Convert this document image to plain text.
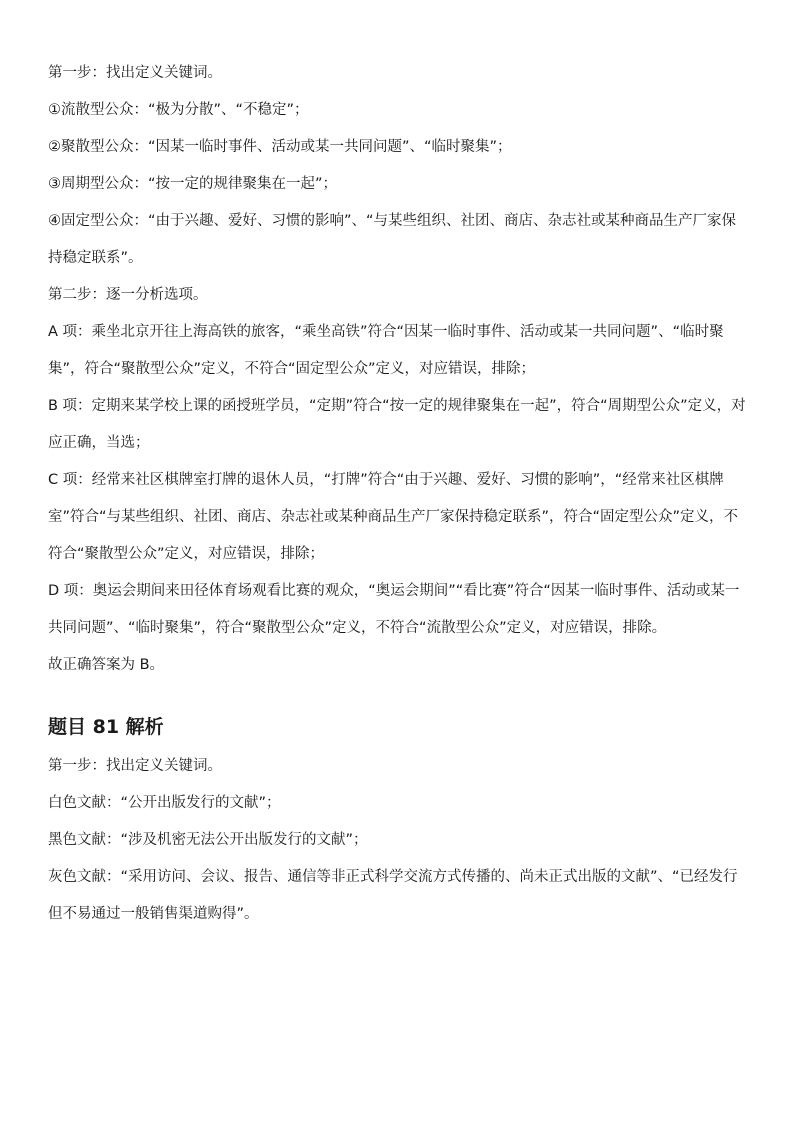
第一步：找出定义关键词。

①流散型公众：“极为分散”、“不稳定”；

②聚散型公众：“因某一临时事件、活动或某一共同问题”、“临时聚集”；

③周期型公众：“按一定的规律聚集在一起”；

④固定型公众：“由于兴趣、爱好、习惯的影响”、“与某些组织、社团、商店、杂志社或某种商品生产厂家保持稳定联系”。

第二步：逐一分析选项。

A 项：乘坐北京开往上海高铁的旅客，“乘坐高铁”符合“因某一临时事件、活动或某一共同问题”、“临时聚集”，符合“聚散型公众”定义，不符合“固定型公众”定义，对应错误，排除；

B 项：定期来某学校上课的函授班学员，“定期”符合“按一定的规律聚集在一起”，符合“周期型公众”定义，对应正确，当选；

C 项：经常来社区棋牌室打牌的退休人员，“打牌”符合“由于兴趣、爱好、习惯的影响”，“经常来社区棋牌室”符合“与某些组织、社团、商店、杂志社或某种商品生产厂家保持稳定联系”，符合“固定型公众”定义，不符合“聚散型公众”定义，对应错误，排除；

D 项：奥运会期间来田径体育场观看比赛的观众，“奥运会期间”“看比赛”符合“因某一临时事件、活动或某一共同问题”、“临时聚集”，符合“聚散型公众”定义，不符合“流散型公众”定义，对应错误，排除。

故正确答案为 B。

题目 81 解析

第一步：找出定义关键词。

白色文献：“公开出版发行的文献”；

黑色文献：“涉及机密无法公开出版发行的文献”；

灰色文献：“采用访问、会议、报告、通信等非正式科学交流方式传播的、尚未正式出版的文献”、“已经发行但不易通过一般销售渠道购得”。
